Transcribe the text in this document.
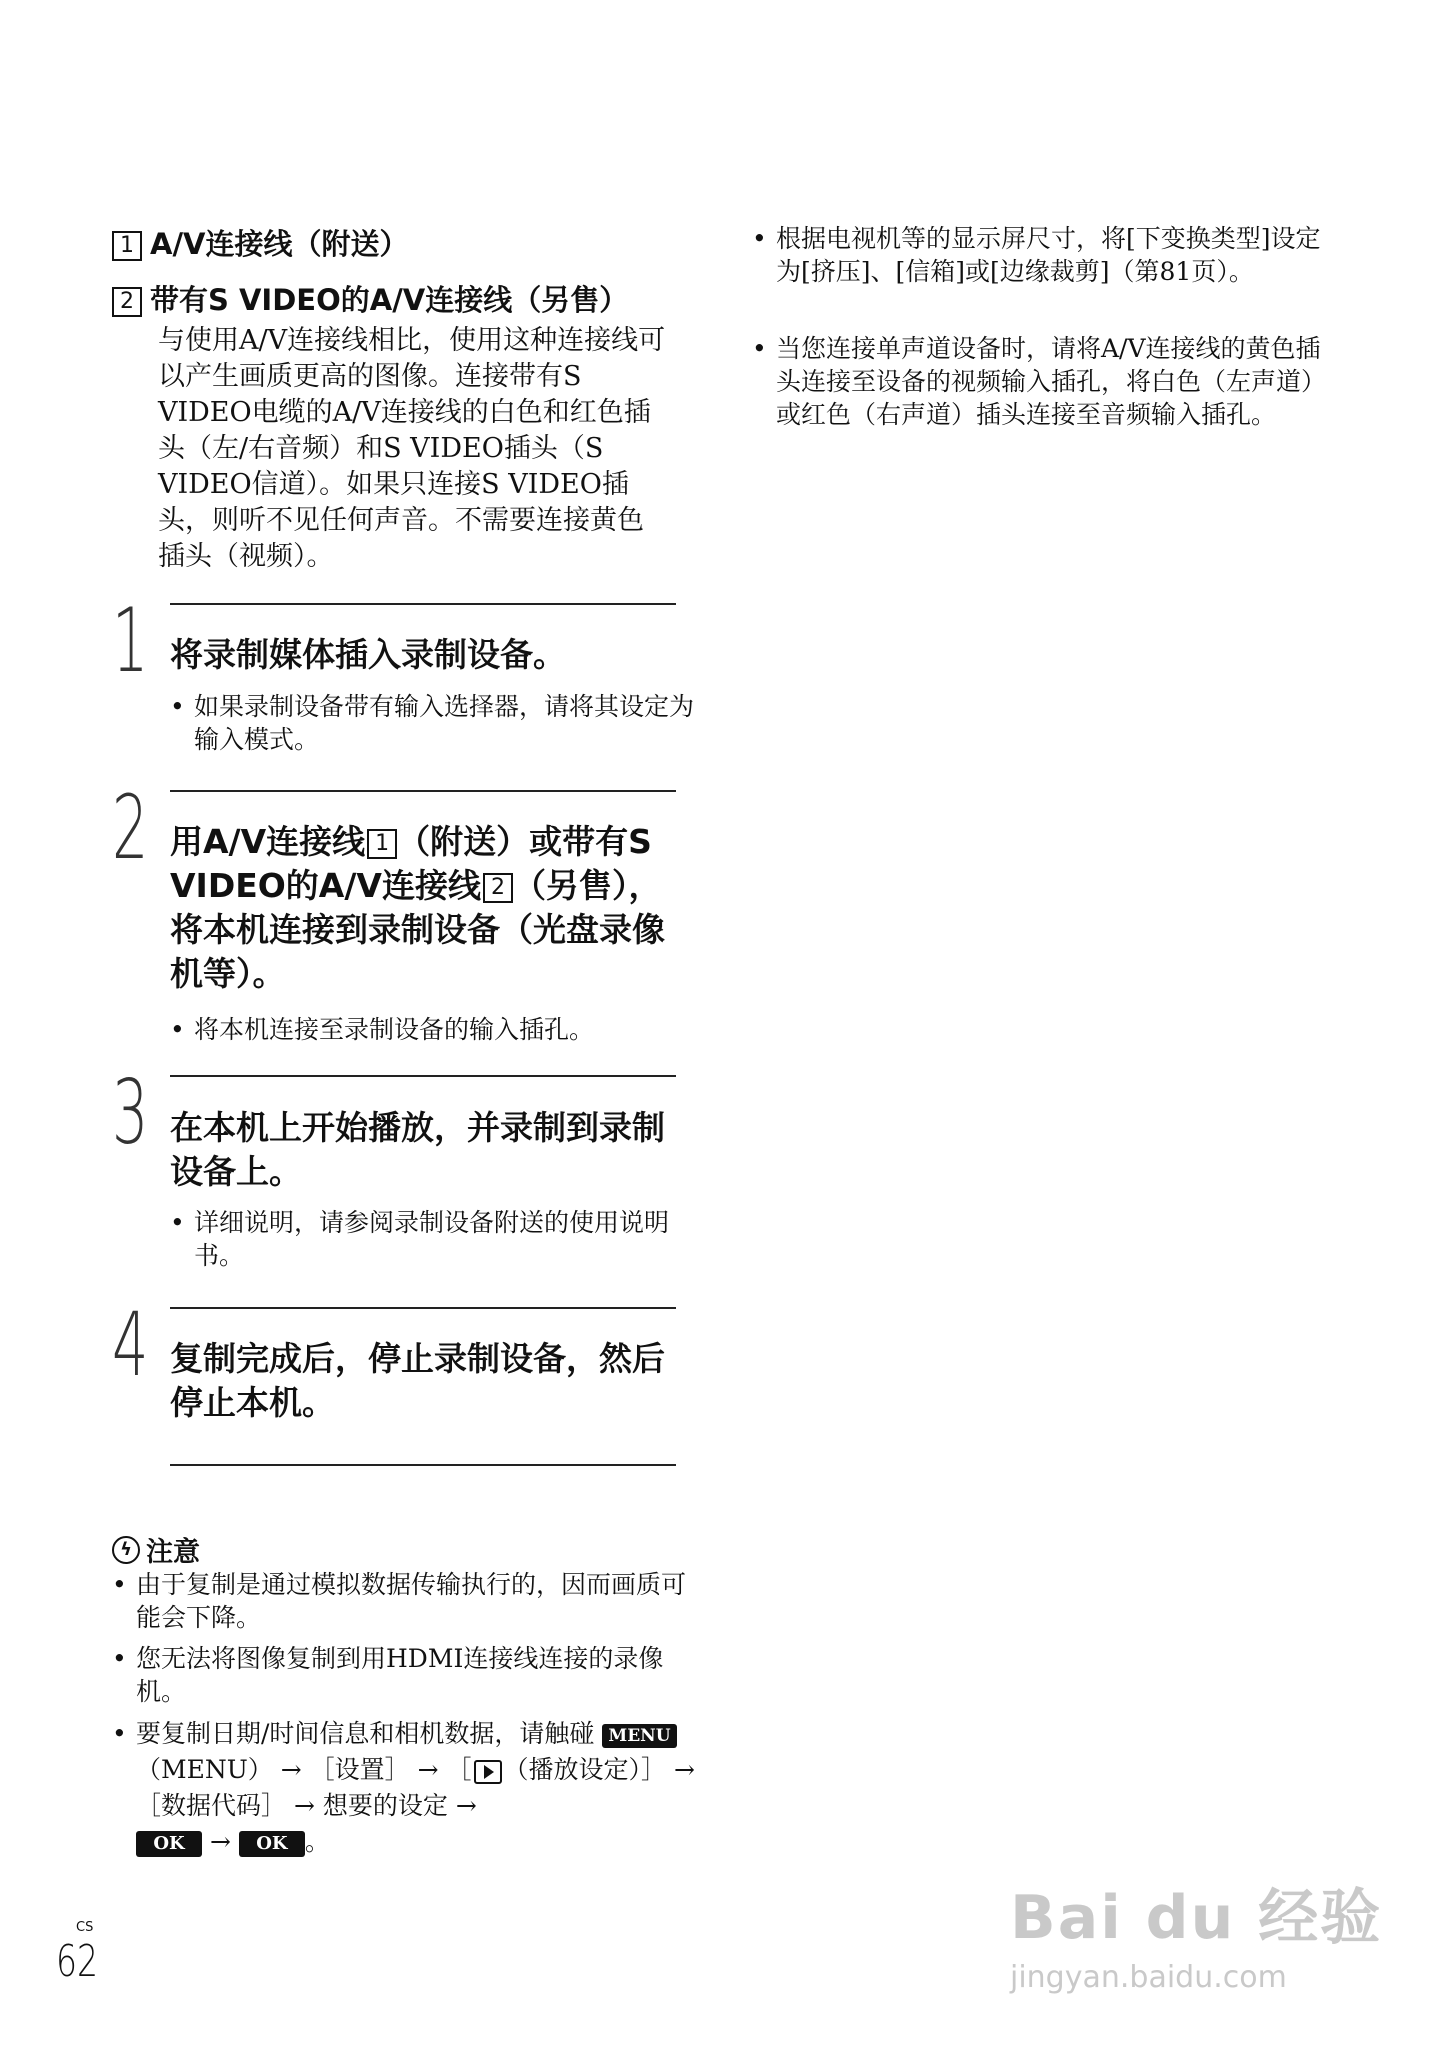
1 A/V连接线（附送）
2 带有S VIDEO的A/V连接线（另售）
与使用A/V连接线相比，使用这种连接线可以产生画质更高的图像。连接带有S VIDEO电缆的A/V连接线的白色和红色插头（左/右音频）和S VIDEO插头（S VIDEO信道）。如果只连接S VIDEO插头，则听不见任何声音。不需要连接黄色插头（视频）。
1 将录制媒体插入录制设备。
• 如果录制设备带有输入选择器，请将其设定为输入模式。
2 用A/V连接线 1 （附送）或带有S VIDEO的A/V连接线 2 （另售），将本机连接到录制设备（光盘录像机等）。
• 将本机连接至录制设备的输入插孔。
3 在本机上开始播放，并录制到录制设备上。
• 详细说明，请参阅录制设备附送的使用说明书。
4 复制完成后，停止录制设备，然后停止本机。
ϟ 注意
• 由于复制是通过模拟数据传输执行的，因而画质可能会下降。
• 您无法将图像复制到用HDMI连接线连接的录像机。
• 要复制日期/时间信息和相机数据，请触碰 MENU（MENU） → ［设置］ → ［ （播放设定）］ → ［数据代码］ → 想要的设定 →
OK → OK 。
• 根据电视机等的显示屏尺寸，将[下变换类型]设定为[挤压]、[信箱]或[边缘裁剪]（第81页）。
• 当您连接单声道设备时，请将A/V连接线的黄色插头连接至设备的视频输入插孔，将白色（左声道）或红色（右声道）插头连接至音频输入插孔。
CS
62
Bai du 经验
jingyan.baidu.com
